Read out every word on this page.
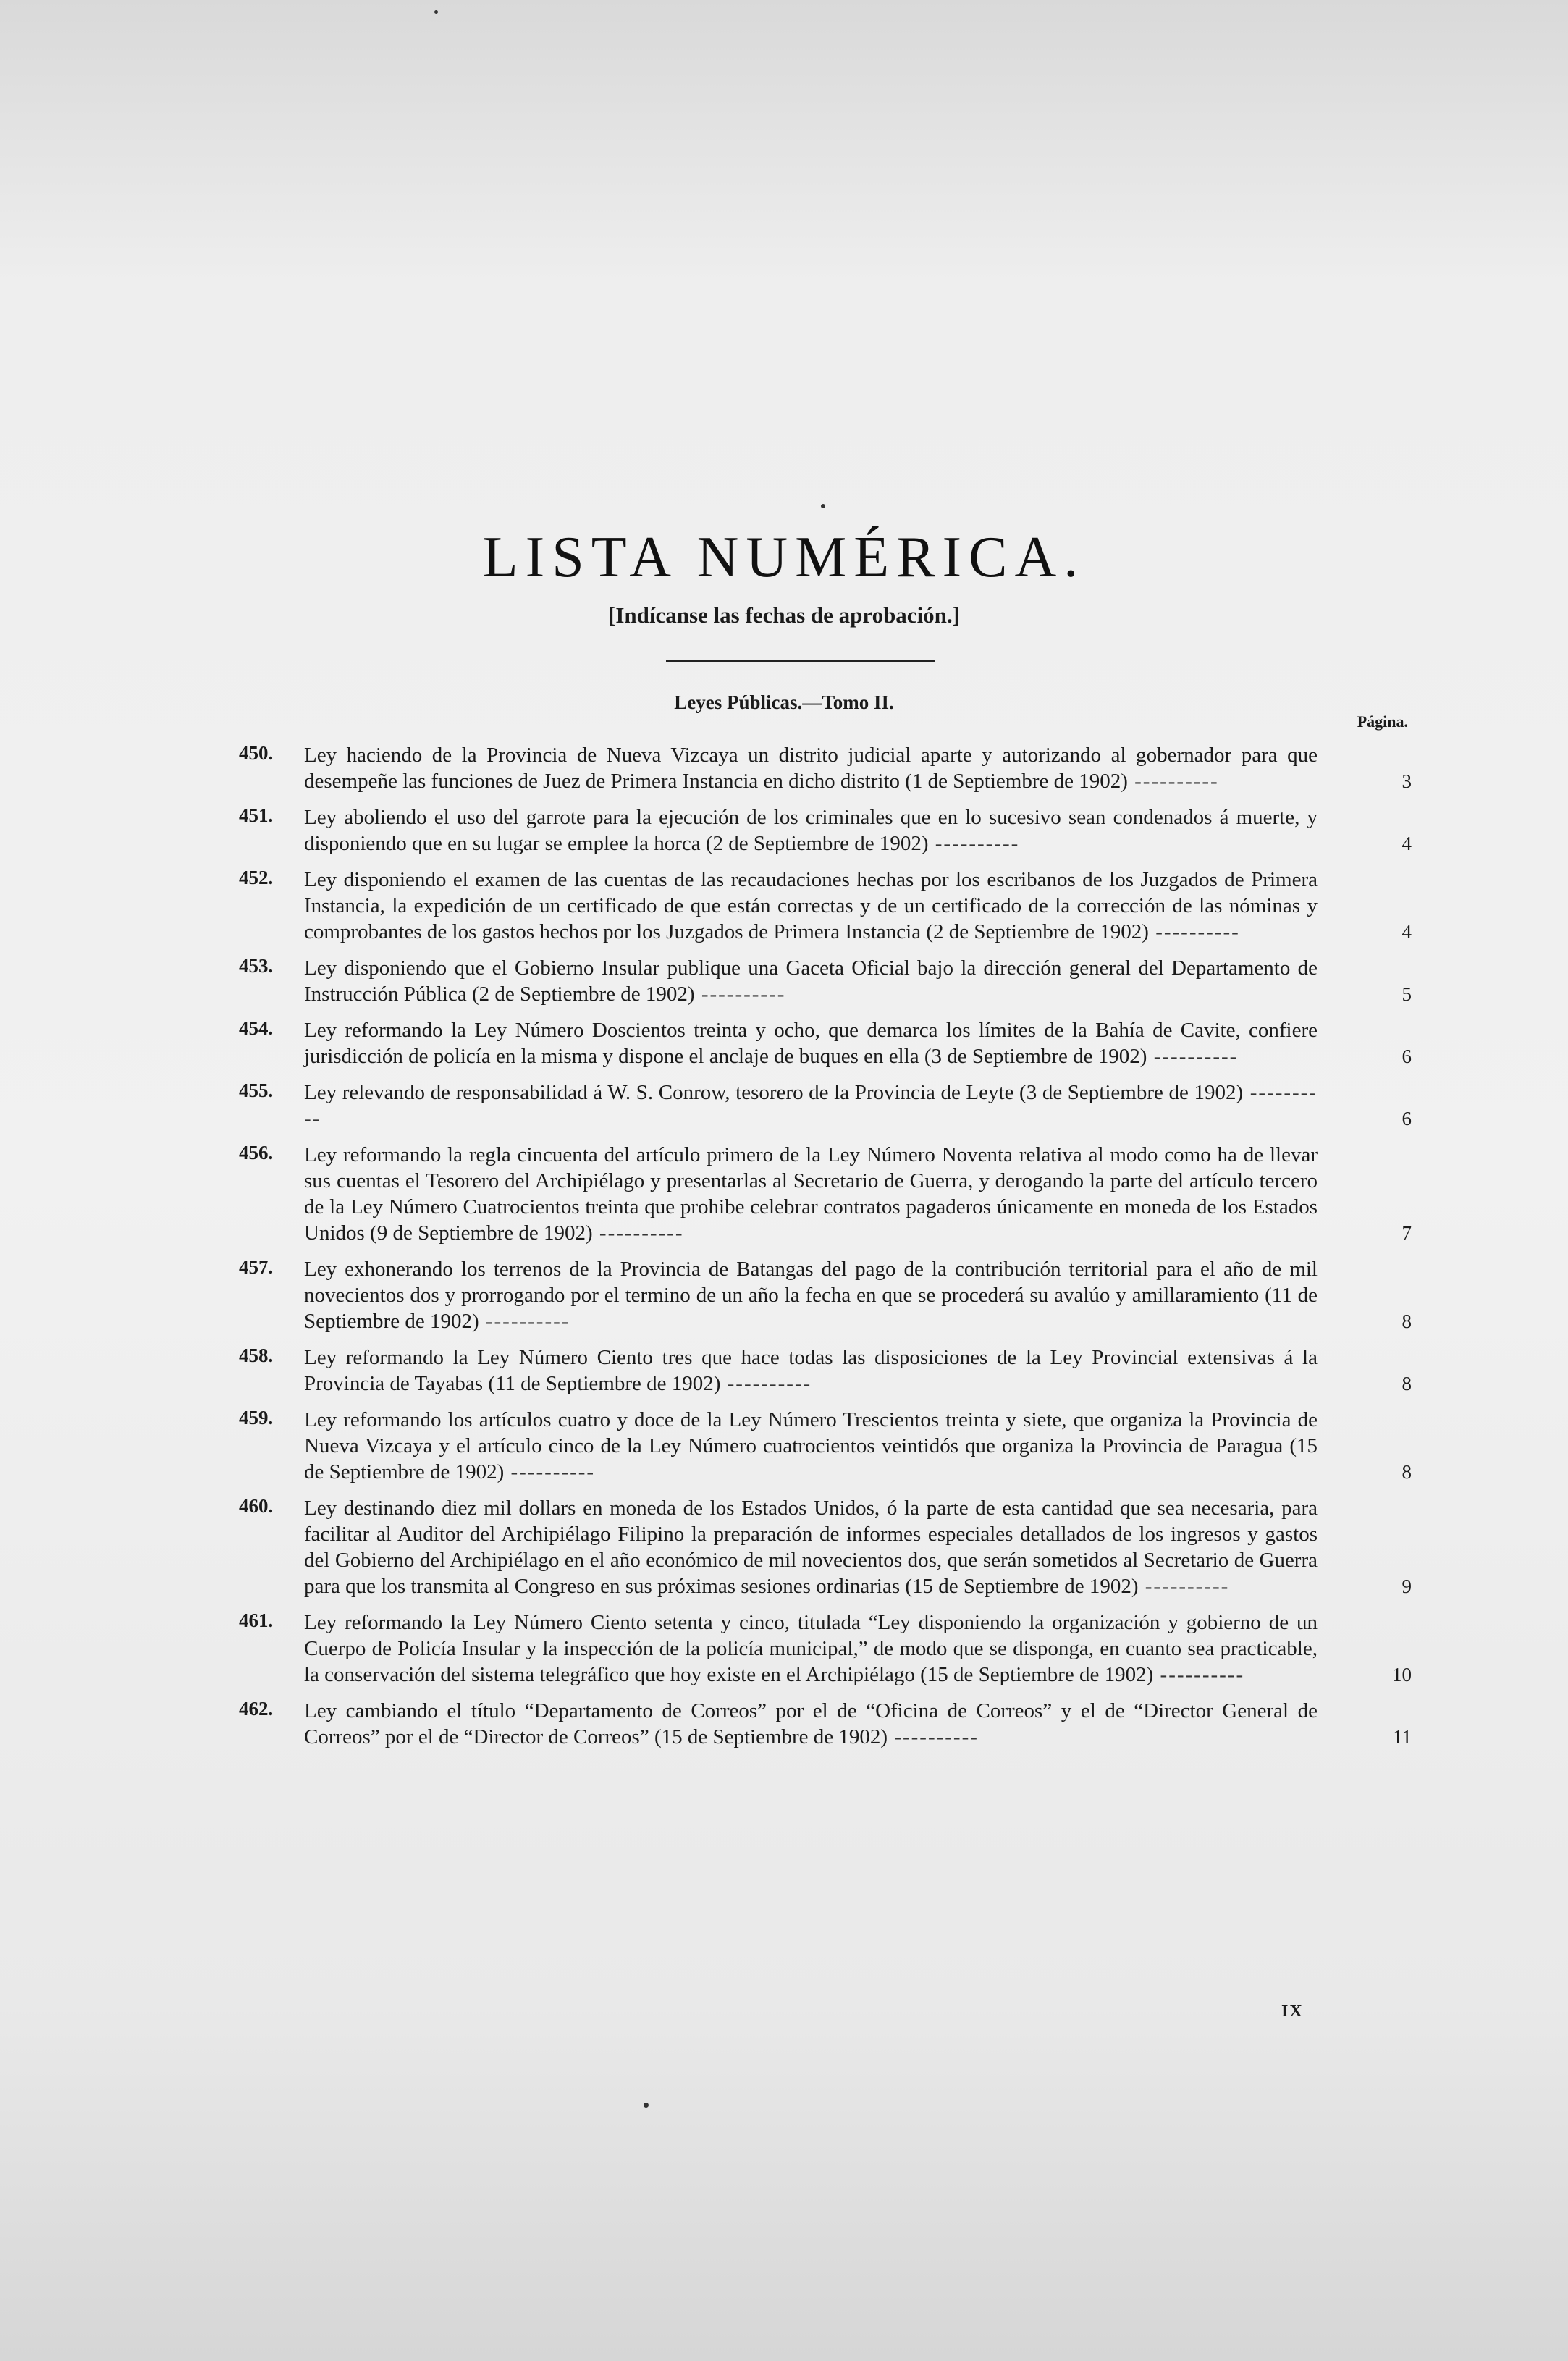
LISTA NUMÉRICA.

[Indícanse las fechas de aprobación.]

Leyes Públicas.—Tomo II.

Página.
450.	Ley haciendo de la Provincia de Nueva Vizcaya un distrito judicial aparte y autorizando al gobernador para que desempeñe las funciones de Juez de Primera Instancia en dicho distrito (1 de Septiembre de 1902) ----------	3
451.	Ley aboliendo el uso del garrote para la ejecución de los criminales que en lo sucesivo sean condenados á muerte, y disponiendo que en su lugar se emplee la horca (2 de Septiembre de 1902) ----------	4
452.	Ley disponiendo el examen de las cuentas de las recaudaciones hechas por los escribanos de los Juzgados de Primera Instancia, la expedición de un certificado de que están correctas y de un certificado de la corrección de las nóminas y comprobantes de los gastos hechos por los Juzgados de Primera Instancia (2 de Septiembre de 1902) ----------	4
453.	Ley disponiendo que el Gobierno Insular publique una Gaceta Oficial bajo la dirección general del Departamento de Instrucción Pública (2 de Septiembre de 1902) ----------	5
454.	Ley reformando la Ley Número Doscientos treinta y ocho, que demarca los límites de la Bahía de Cavite, confiere jurisdicción de policía en la misma y dispone el anclaje de buques en ella (3 de Septiembre de 1902) ----------	6
455.	Ley relevando de responsabilidad á W. S. Conrow, tesorero de la Provincia de Leyte (3 de Septiembre de 1902) ----------	6
456.	Ley reformando la regla cincuenta del artículo primero de la Ley Número Noventa relativa al modo como ha de llevar sus cuentas el Tesorero del Archipiélago y presentarlas al Secretario de Guerra, y derogando la parte del artículo tercero de la Ley Número Cuatrocientos treinta que prohibe celebrar contratos pagaderos únicamente en moneda de los Estados Unidos (9 de Septiembre de 1902) ----------	7
457.	Ley exhonerando los terrenos de la Provincia de Batangas del pago de la contribución territorial para el año de mil novecientos dos y prorrogando por el termino de un año la fecha en que se procederá su avalúo y amillaramiento (11 de Septiembre de 1902) ----------	8
458.	Ley reformando la Ley Número Ciento tres que hace todas las disposiciones de la Ley Provincial extensivas á la Provincia de Tayabas (11 de Septiembre de 1902) ----------	8
459.	Ley reformando los artículos cuatro y doce de la Ley Número Trescientos treinta y siete, que organiza la Provincia de Nueva Vizcaya y el artículo cinco de la Ley Número cuatrocientos veintidós que organiza la Provincia de Paragua (15 de Septiembre de 1902) ----------	8
460.	Ley destinando diez mil dollars en moneda de los Estados Unidos, ó la parte de esta cantidad que sea necesaria, para facilitar al Auditor del Archipiélago Filipino la preparación de informes especiales detallados de los ingresos y gastos del Gobierno del Archipiélago en el año económico de mil novecientos dos, que serán sometidos al Secretario de Guerra para que los transmita al Congreso en sus próximas sesiones ordinarias (15 de Septiembre de 1902) ----------	9
461.	Ley reformando la Ley Número Ciento setenta y cinco, titulada “Ley disponiendo la organización y gobierno de un Cuerpo de Policía Insular y la inspección de la policía municipal,” de modo que se disponga, en cuanto sea practicable, la conservación del sistema telegráfico que hoy existe en el Archipiélago (15 de Septiembre de 1902) ----------	10
462.	Ley cambiando el título “Departamento de Correos” por el de “Oficina de Correos” y el de “Director General de Correos” por el de “Director de Correos” (15 de Septiembre de 1902) ----------	11
IX
